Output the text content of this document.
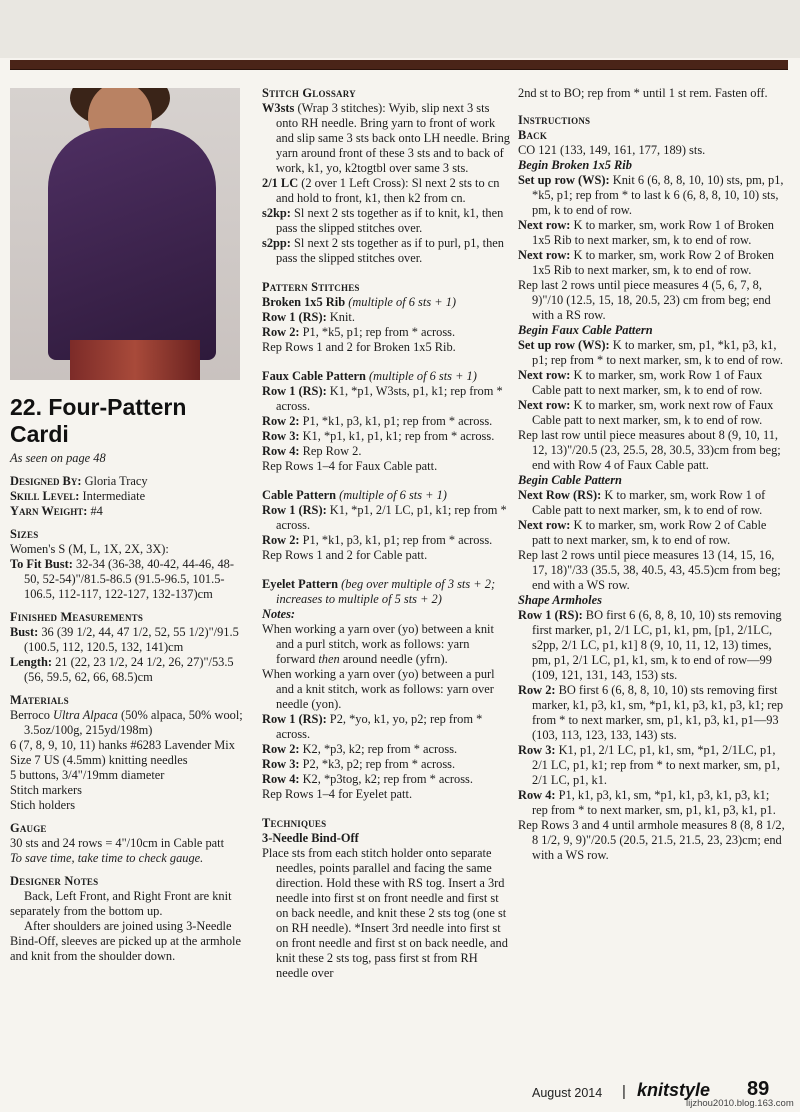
22. Four-Pattern
Cardi
As seen on page 48
Designed By: Gloria Tracy
Skill Level: Intermediate
Yarn Weight: #4
Sizes
Women's S (M, L, 1X, 2X, 3X):
To Fit Bust: 32-34 (36-38, 40-42, 44-46, 48-50, 52-54)"/81.5-86.5 (91.5-96.5, 101.5-106.5, 112-117, 122-127, 132-137)cm
Finished Measurements
Bust: 36 (39 1/2, 44, 47 1/2, 52, 55 1/2)"/91.5 (100.5, 112, 120.5, 132, 141)cm
Length: 21 (22, 23 1/2, 24 1/2, 26, 27)"/53.5 (56, 59.5, 62, 66, 68.5)cm
Materials
Berroco Ultra Alpaca (50% alpaca, 50% wool; 3.5oz/100g, 215yd/198m)
6 (7, 8, 9, 10, 11) hanks #6283 Lavender Mix
Size 7 US (4.5mm) knitting needles
5 buttons, 3/4"/19mm diameter
Stitch markers
Stich holders
Gauge
30 sts and 24 rows = 4"/10cm in Cable patt
To save time, take time to check gauge.
Designer Notes
Back, Left Front, and Right Front are knit separately from the bottom up.
After shoulders are joined using 3-Needle Bind-Off, sleeves are picked up at the armhole and knit from the shoulder down.
Stitch Glossary
W3sts (Wrap 3 stitches): Wyib, slip next 3 sts onto RH needle. Bring yarn to front of work and slip same 3 sts back onto LH needle. Bring yarn around front of these 3 sts and to back of work, k1, yo, k2togtbl over same 3 sts.
2/1 LC (2 over 1 Left Cross): Sl next 2 sts to cn and hold to front, k1, then k2 from cn.
s2kp: Sl next 2 sts together as if to knit, k1, then pass the slipped stitches over.
s2pp: Sl next 2 sts together as if to purl, p1, then pass the slipped stitches over.
Pattern Stitches
Broken 1x5 Rib (multiple of 6 sts + 1)
Row 1 (RS): Knit.
Row 2: P1, *k5, p1; rep from * across.
Rep Rows 1 and 2 for Broken 1x5 Rib.
Faux Cable Pattern (multiple of 6 sts + 1)
Row 1 (RS): K1, *p1, W3sts, p1, k1; rep from * across.
Row 2: P1, *k1, p3, k1, p1; rep from * across.
Row 3: K1, *p1, k1, p1, k1; rep from * across.
Row 4: Rep Row 2.
Rep Rows 1–4 for Faux Cable patt.
Cable Pattern (multiple of 6 sts + 1)
Row 1 (RS): K1, *p1, 2/1 LC, p1, k1; rep from * across.
Row 2: P1, *k1, p3, k1, p1; rep from * across.
Rep Rows 1 and 2 for Cable patt.
Eyelet Pattern (beg over multiple of 3 sts + 2; increases to multiple of 5 sts + 2)
Notes:
When working a yarn over (yo) between a knit and a purl stitch, work as follows: yarn forward then around needle (yfrn).
When working a yarn over (yo) between a purl and a knit stitch, work as follows: yarn over needle (yon).
Row 1 (RS): P2, *yo, k1, yo, p2; rep from * across.
Row 2: K2, *p3, k2; rep from * across.
Row 3: P2, *k3, p2; rep from * across.
Row 4: K2, *p3tog, k2; rep from * across.
Rep Rows 1–4 for Eyelet patt.
Techniques
3-Needle Bind-Off
Place sts from each stitch holder onto separate needles, points parallel and facing the same direction. Hold these with RS tog. Insert a 3rd needle into first st on front needle and first st on back needle, and knit these 2 sts tog (one st on RH needle). *Insert 3rd needle into first st on front needle and first st on back needle, and knit these 2 sts tog, pass first st from RH needle over
2nd st to BO; rep from * until 1 st rem. Fasten off.
Instructions
Back
CO 121 (133, 149, 161, 177, 189) sts.
Begin Broken 1x5 Rib
Set up row (WS): Knit 6 (6, 8, 8, 10, 10) sts, pm, p1, *k5, p1; rep from * to last k 6 (6, 8, 8, 10, 10) sts, pm, k to end of row.
Next row: K to marker, sm, work Row 1 of Broken 1x5 Rib to next marker, sm, k to end of row.
Next row: K to marker, sm, work Row 2 of Broken 1x5 Rib to next marker, sm, k to end of row.
Rep last 2 rows until piece measures 4 (5, 6, 7, 8, 9)"/10 (12.5, 15, 18, 20.5, 23) cm from beg; end with a RS row.
Begin Faux Cable Pattern
Set up row (WS): K to marker, sm, p1, *k1, p3, k1, p1; rep from * to next marker, sm, k to end of row.
Next row: K to marker, sm, work Row 1 of Faux Cable patt to next marker, sm, k to end of row.
Next row: K to marker, sm, work next row of Faux Cable patt to next marker, sm, k to end of row.
Rep last row until piece measures about 8 (9, 10, 11, 12, 13)"/20.5 (23, 25.5, 28, 30.5, 33)cm from beg; end with Row 4 of Faux Cable patt.
Begin Cable Pattern
Next Row (RS): K to marker, sm, work Row 1 of Cable patt to next marker, sm, k to end of row.
Next row: K to marker, sm, work Row 2 of Cable patt to next marker, sm, k to end of row.
Rep last 2 rows until piece measures 13 (14, 15, 16, 17, 18)"/33 (35.5, 38, 40.5, 43, 45.5)cm from beg; end with a WS row.
Shape Armholes
Row 1 (RS): BO first 6 (6, 8, 8, 10, 10) sts removing first marker, p1, 2/1 LC, p1, k1, pm, [p1, 2/1LC, s2pp, 2/1 LC, p1, k1] 8 (9, 10, 11, 12, 13) times, pm, p1, 2/1 LC, p1, k1, sm, k to end of row—99 (109, 121, 131, 143, 153) sts.
Row 2: BO first 6 (6, 8, 8, 10, 10) sts removing first marker, k1, p3, k1, sm, *p1, k1, p3, k1, p3, k1; rep from * to next marker, sm, p1, k1, p3, k1, p1—93 (103, 113, 123, 133, 143) sts.
Row 3: K1, p1, 2/1 LC, p1, k1, sm, *p1, 2/1LC, p1, 2/1 LC, p1, k1; rep from * to next marker, sm, p1, 2/1 LC, p1, k1.
Row 4: P1, k1, p3, k1, sm, *p1, k1, p3, k1, p3, k1; rep from * to next marker, sm, p1, k1, p3, k1, p1.
Rep Rows 3 and 4 until armhole measures 8 (8, 8 1/2, 8 1/2, 9, 9)"/20.5 (20.5, 21.5, 21.5, 23, 23)cm; end with a WS row.
August 2014 | knitstyle 89
lijzhou2010.blog.163.com
